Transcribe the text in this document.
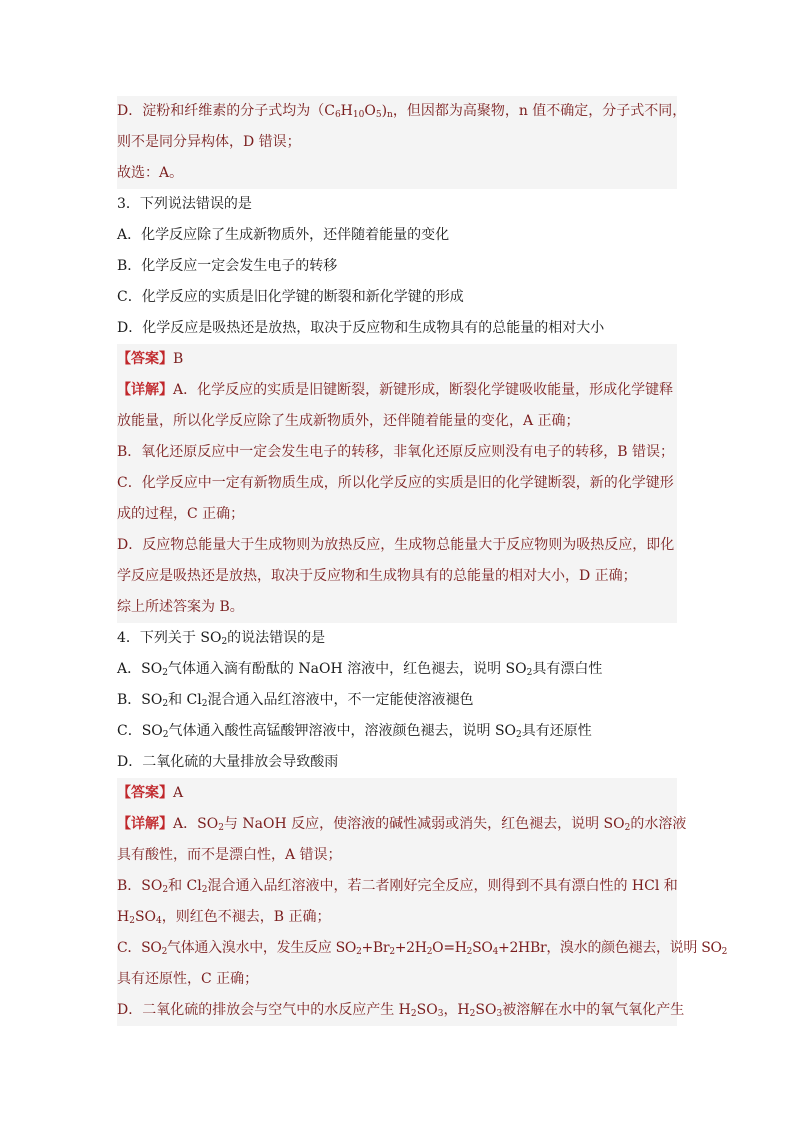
D．淀粉和纤维素的分子式均为$(C_6H_{10}O_5)_n$，但因都为高聚物，n 值不确定，分子式不同，
则不是同分异构体，D 错误；
故选：A。
3．下列说法错误的是
A．化学反应除了生成新物质外，还伴随着能量的变化
B．化学反应一定会发生电子的转移
C．化学反应的实质是旧化学键的断裂和新化学键的形成
D．化学反应是吸热还是放热，取决于反应物和生成物具有的总能量的相对大小
【答案】B
【详解】A．化学反应的实质是旧键断裂，新键形成，断裂化学键吸收能量，形成化学键释
放能量，所以化学反应除了生成新物质外，还伴随着能量的变化，A 正确；
B．氧化还原反应中一定会发生电子的转移，非氧化还原反应则没有电子的转移，B 错误；
C．化学反应中一定有新物质生成，所以化学反应的实质是旧的化学键断裂，新的化学键形
成的过程，C 正确；
D．反应物总能量大于生成物则为放热反应，生成物总能量大于反应物则为吸热反应，即化
学反应是吸热还是放热，取决于反应物和生成物具有的总能量的相对大小，D 正确；
综上所述答案为 B。
4．下列关于 $SO_2$的说法错误的是
A．$SO_2$气体通入滴有酚酞的 NaOH 溶液中，红色褪去，说明 $SO_2$具有漂白性
B．$SO_2$和 $Cl_2$混合通入品红溶液中，不一定能使溶液褪色
C．$SO_2$气体通入酸性高锰酸钾溶液中，溶液颜色褪去，说明 $SO_2$具有还原性
D．二氧化硫的大量排放会导致酸雨
【答案】A
【详解】A．$SO_2$与 NaOH 反应，使溶液的碱性减弱或消失，红色褪去，说明 $SO_2$的水溶液
具有酸性，而不是漂白性，A 错误；
B．$SO_2$和 $Cl_2$混合通入品红溶液中，若二者刚好完全反应，则得到不具有漂白性的 HCl 和
$H_2SO_4$，则红色不褪去，B 正确；
C．$SO_2$气体通入溴水中，发生反应 $SO_2+Br_2+2H_2O=H_2SO_4+2HBr$，溴水的颜色褪去，说明 $SO_2$
具有还原性，C 正确；
D．二氧化硫的排放会与空气中的水反应产生 $H_2SO_3$，$H_2SO_3$被溶解在水中的氧气氧化产生
